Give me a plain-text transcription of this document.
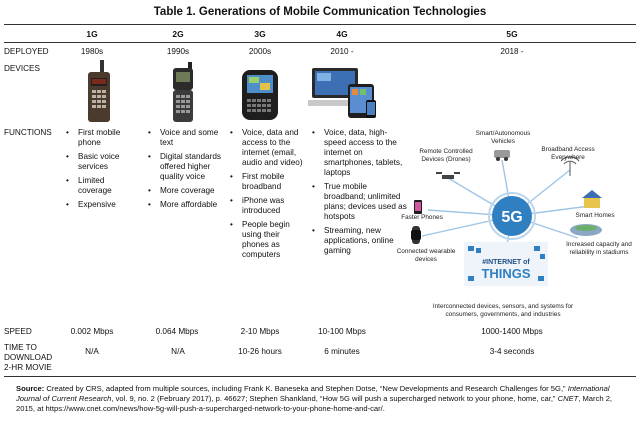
Table 1. Generations of Mobile Communication Technologies
1G	2G	3G	4G	5G
DEPLOYED	1980s	1990s	2000s	2010 -	2018 -
DEVICES
FUNCTIONS
•	First mobile phone
• Basic voice services
• Limited coverage
• Expensive
• Voice and some text
• Digital standards offered higher quality voice
• More coverage
• More affordable
• Voice, data and access to the internet (email, audio and video)
• First mobile broadband
• iPhone was introduced
• People begin using their phones as computers
• Voice, data, high-speed access to the internet on smartphones, tablets, laptops
• True mobile broadband; unlimited plans; devices used as hotspots
• Streaming, new applications, online gaming
#INTERNET of
THINGS
5G
Remote Controlled Devices (Drones)
Smart/Autonomous Vehicles
Broadband Access Everywhere
Faster Phones	Smart Homes
Connected wearable devices
Increased capacity and reliability in stadiums
Interconnected devices, sensors, and systems for consumers, governments, and industries
SPEED	0.002 Mbps	0.064 Mbps	2-10 Mbps	10-100 Mbps	1000-1400 Mbps
TIME TO
DOWNLOAD
2-HR MOVIE
N/A	N/A	10-26 hours	6 minutes	3-4 seconds
Source: Created by CRS, adapted from multiple sources, including Frank K. Baneseka and Stephen Dotse, “New Developments and Research Challenges for 5G,” International Journal of Current Research, vol. 9, no. 2 (February 2017), p. 46627; Stephen Shankland, “How 5G will push a supercharged network to your phone, home, car,” CNET, March 2, 2015, at https://www.cnet.com/news/how-5g-will-push-a-supercharged-network-to-your-phone-home-and-car/.
